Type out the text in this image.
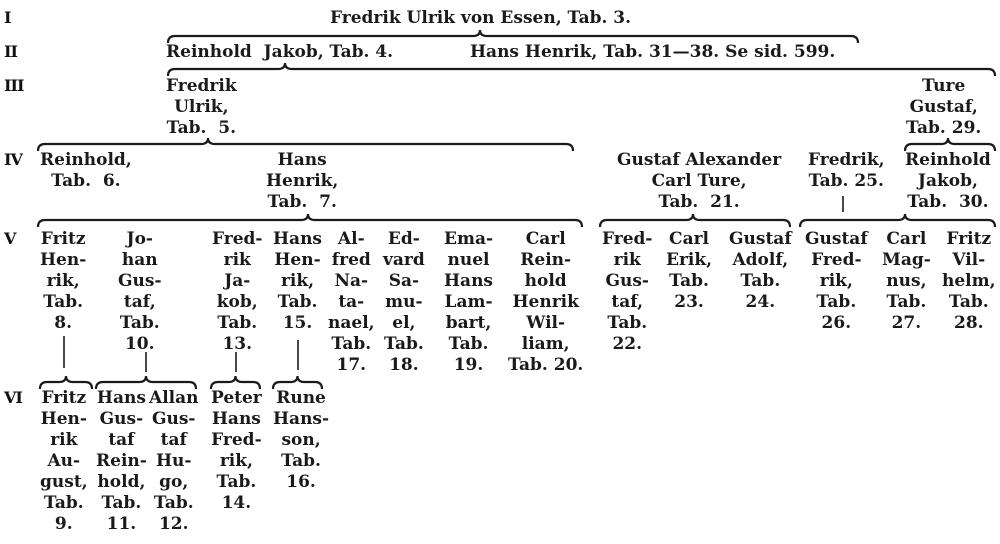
I
II
III
IV
V
VI
Fredrik Ulrik von Essen, Tab. 3.
Reinhold  Jakob, Tab. 4.	Hans Henrik, Tab. 31—38. Se sid. 599.
Fredrik
Ulrik,
Tab.  5.
Ture
Gustaf,
Tab. 29.
Reinhold,
Tab.  6.
Hans
Henrik,
Tab.  7.
Gustaf Alexander
Carl Ture,
Tab.  21.
Fredrik,
Tab. 25.
Reinhold
Jakob,
Tab.  30.
Fritz
Hen-
rik,
Tab.
8.
Jo-
han
Gus-
taf,
Tab.
10.
Fred-
rik
Ja-
kob,
Tab.
13.
Hans
Hen-
rik,
Tab.
15.
Al-
fred
Na-
ta-
nael,
Tab.
17.
Ed-
vard
Sa-
mu-
el,
Tab.
18.
Ema-
nuel
Hans
Lam-
bart,
Tab.
19.
Carl
Rein-
hold
Henrik
Wil-
liam,
Tab. 20.
Fred-
rik
Gus-
taf,
Tab.
22.
Carl
Erik,
Tab.
23.
Gustaf
Adolf,
Tab.
24.
Gustaf
Fred-
rik,
Tab.
26.
Carl
Mag-
nus,
Tab.
27.
Fritz
Vil-
helm,
Tab.
28.
Fritz
Hen-
rik
Au-
gust,
Tab.
9.
Hans
Gus-
taf
Rein-
hold,
Tab.
11.
Allan
Gus-
taf
Hu-
go,
Tab.
12.
Peter
Hans
Fred-
rik,
Tab.
14.
Rune
Hans-
son,
Tab.
16.
